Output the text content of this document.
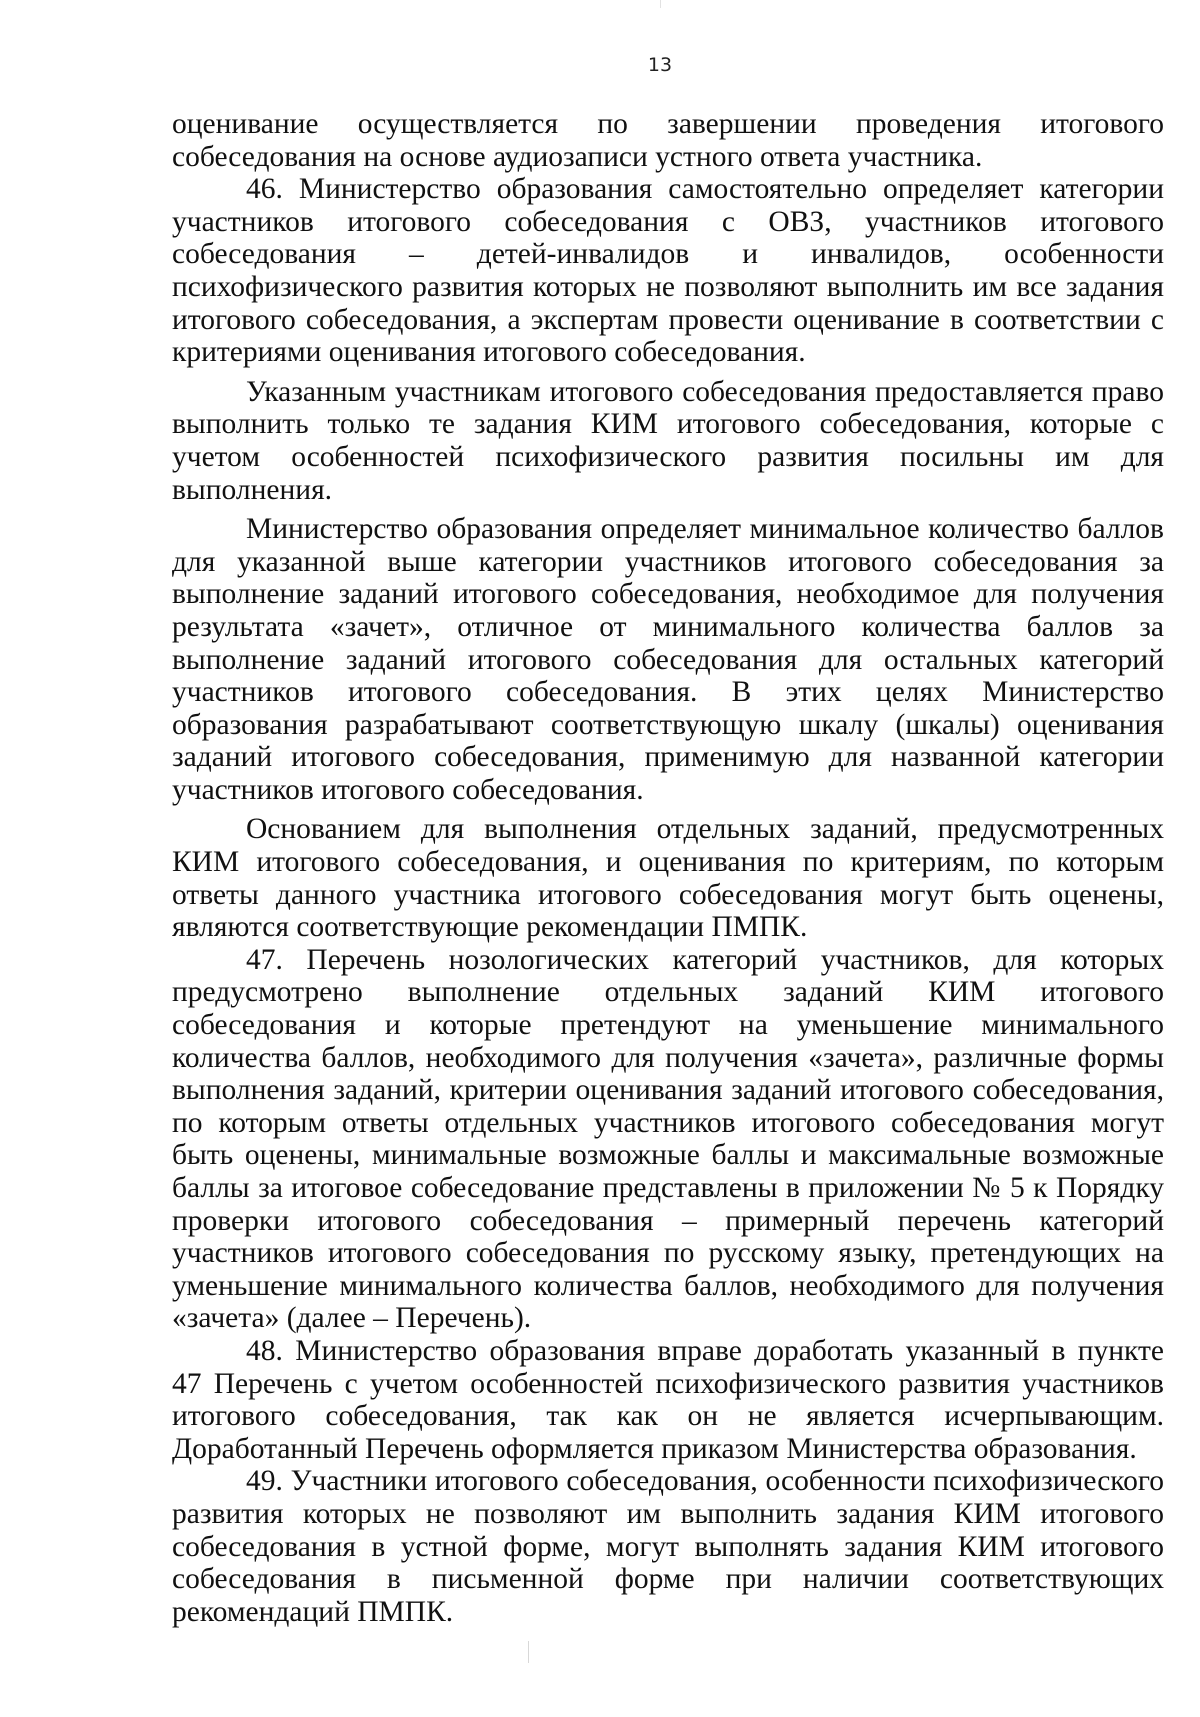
13

оценивание осуществляется по завершении проведения итогового собеседования на основе аудиозаписи устного ответа участника.

46. Министерство образования самостоятельно определяет категории участников итогового собеседования с ОВЗ, участников итогового собеседования – детей-инвалидов и инвалидов, особенности психофизического развития которых не позволяют выполнить им все задания итогового собеседования, а экспертам провести оценивание в соответствии с критериями оценивания итогового собеседования.

Указанным участникам итогового собеседования предоставляется право выполнить только те задания КИМ итогового собеседования, которые с учетом особенностей психофизического развития посильны им для выполнения.

Министерство образования определяет минимальное количество баллов для указанной выше категории участников итогового собеседования за выполнение заданий итогового собеседования, необходимое для получения результата «зачет», отличное от минимального количества баллов за выполнение заданий итогового собеседования для остальных категорий участников итогового собеседования. В этих целях Министерство образования разрабатывают соответствующую шкалу (шкалы) оценивания заданий итогового собеседования, применимую для названной категории участников итогового собеседования.

Основанием для выполнения отдельных заданий, предусмотренных КИМ итогового собеседования, и оценивания по критериям, по которым ответы данного участника итогового собеседования могут быть оценены, являются соответствующие рекомендации ПМПК.

47. Перечень нозологических категорий участников, для которых предусмотрено выполнение отдельных заданий КИМ итогового собеседования и которые претендуют на уменьшение минимального количества баллов, необходимого для получения «зачета», различные формы выполнения заданий, критерии оценивания заданий итогового собеседования, по которым ответы отдельных участников итогового собеседования могут быть оценены, минимальные возможные баллы и максимальные возможные баллы за итоговое собеседование представлены в приложении № 5 к Порядку проверки итогового собеседования – примерный перечень категорий участников итогового собеседования по русскому языку, претендующих на уменьшение минимального количества баллов, необходимого для получения «зачета» (далее – Перечень).

48. Министерство образования вправе доработать указанный в пункте 47 Перечень с учетом особенностей психофизического развития участников итогового собеседования, так как он не является исчерпывающим. Доработанный Перечень оформляется приказом Министерства образования.

49. Участники итогового собеседования, особенности психофизического развития которых не позволяют им выполнить задания КИМ итогового собеседования в устной форме, могут выполнять задания КИМ итогового собеседования в письменной форме при наличии соответствующих рекомендаций ПМПК.
